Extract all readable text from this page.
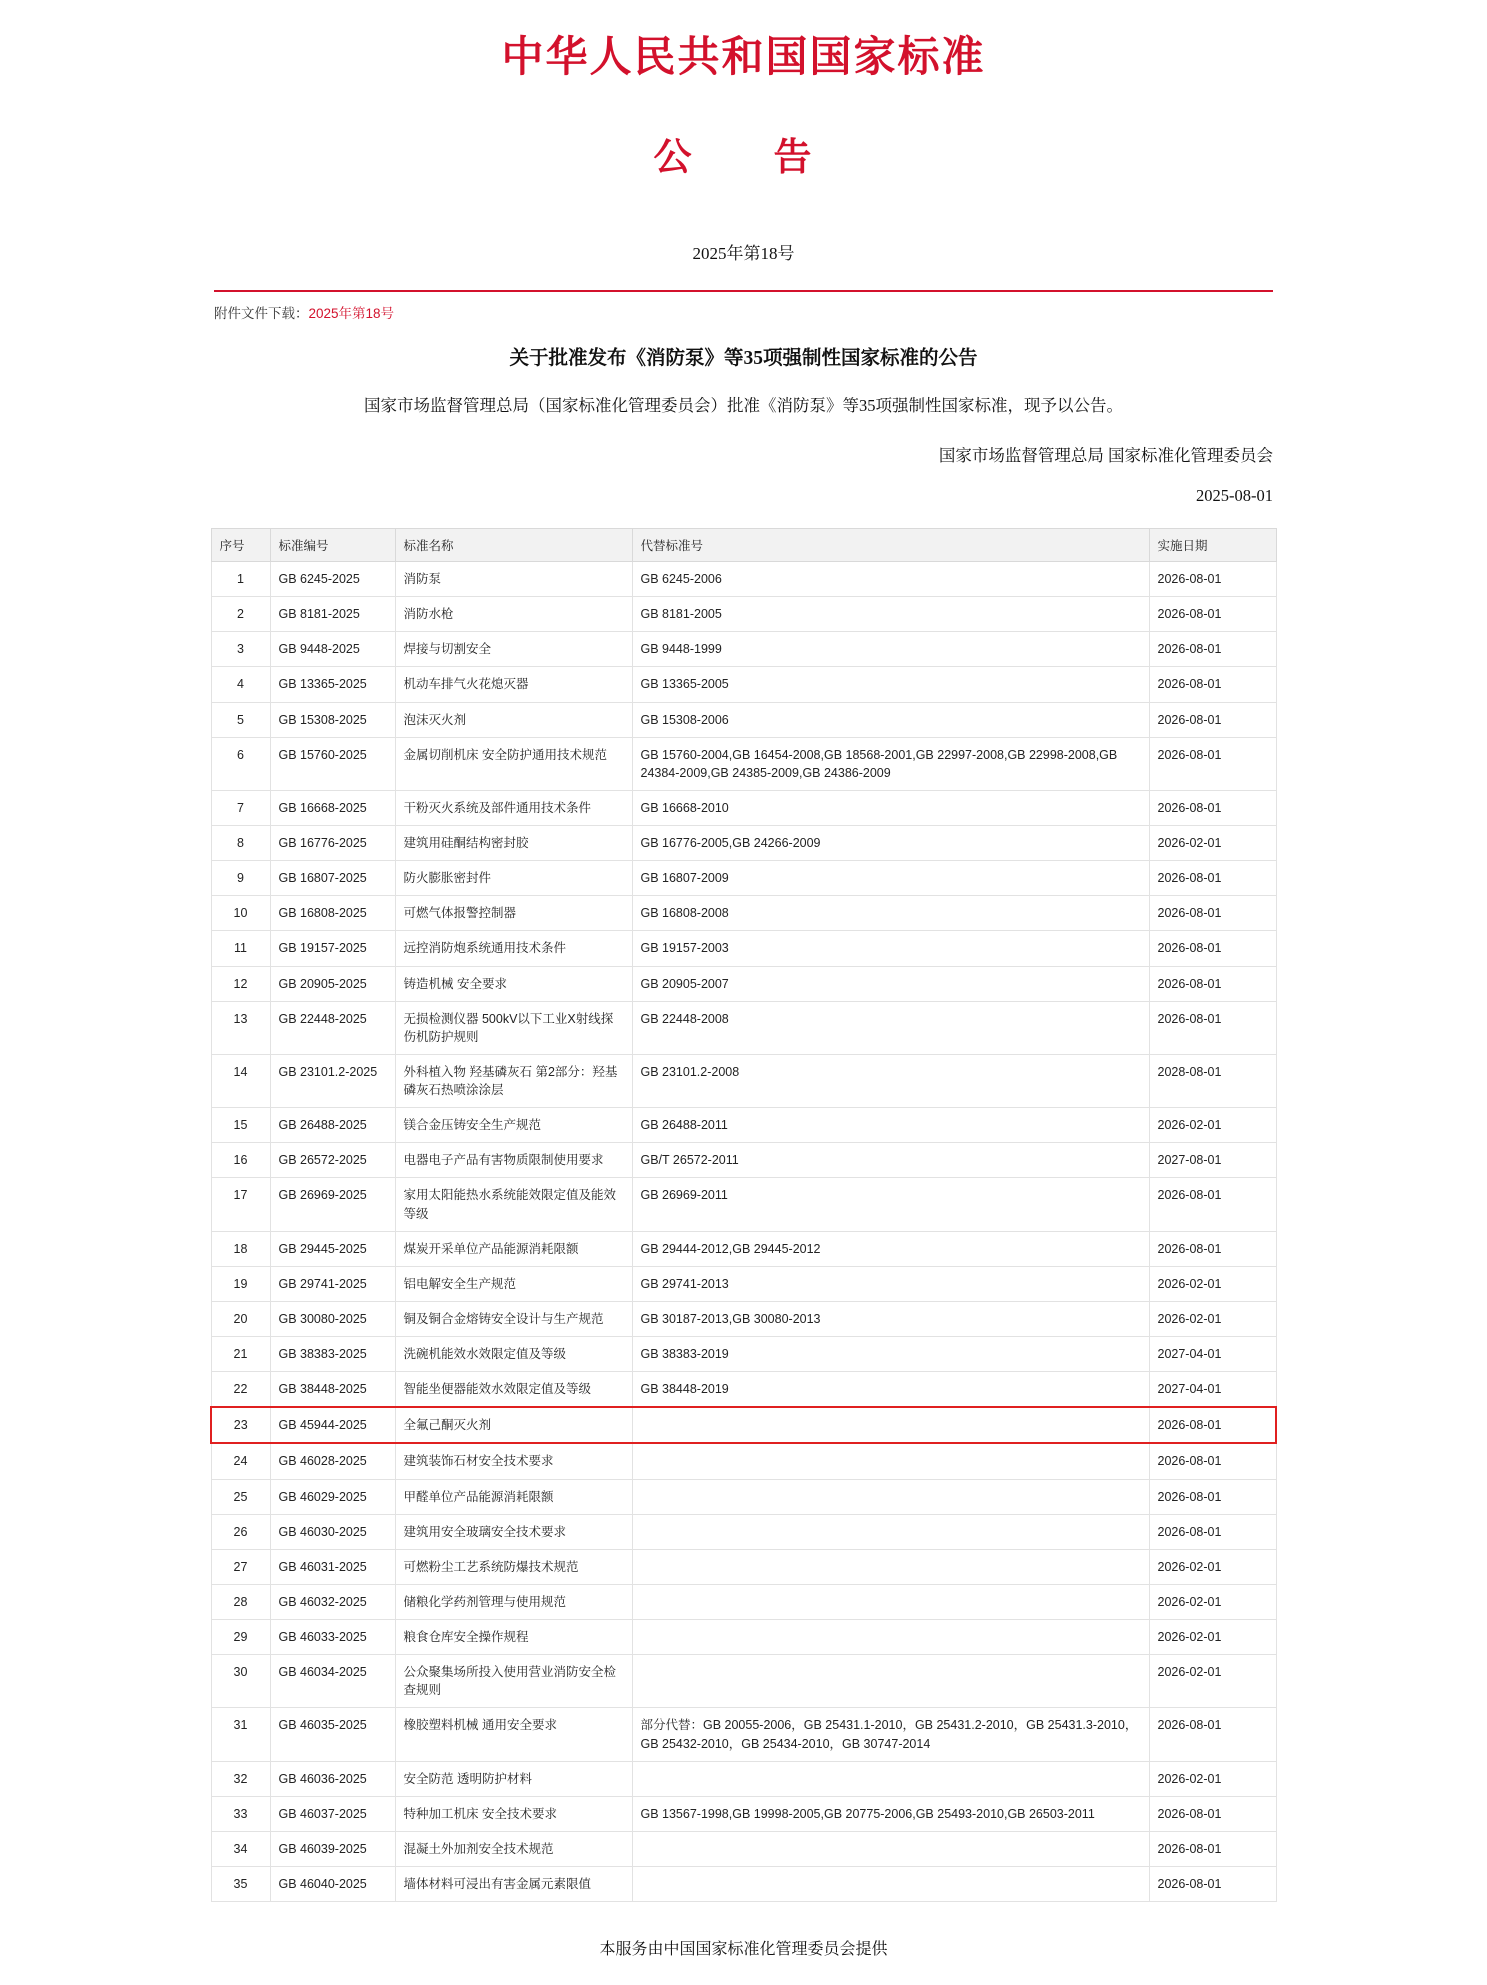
中华人民共和国国家标准
公　告
2025年第18号
附件文件下载：2025年第18号
关于批准发布《消防泵》等35项强制性国家标准的公告
国家市场监督管理总局（国家标准化管理委员会）批准《消防泵》等35项强制性国家标准，现予以公告。
国家市场监督管理总局 国家标准化管理委员会
2025-08-01
序号	标准编号	标准名称	代替标准号	实施日期
1	GB 6245-2025	消防泵	GB 6245-2006	2026-08-01
2	GB 8181-2025	消防水枪	GB 8181-2005	2026-08-01
3	GB 9448-2025	焊接与切割安全	GB 9448-1999	2026-08-01
4	GB 13365-2025	机动车排气火花熄灭器	GB 13365-2005	2026-08-01
5	GB 15308-2025	泡沫灭火剂	GB 15308-2006	2026-08-01
6	GB 15760-2025	金属切削机床 安全防护通用技术规范	GB 15760-2004,GB 16454-2008,GB 18568-2001,GB 22997-2008,GB 22998-2008,GB 24384-2009,GB 24385-2009,GB 24386-2009	2026-08-01
7	GB 16668-2025	干粉灭火系统及部件通用技术条件	GB 16668-2010	2026-08-01
8	GB 16776-2025	建筑用硅酮结构密封胶	GB 16776-2005,GB 24266-2009	2026-02-01
9	GB 16807-2025	防火膨胀密封件	GB 16807-2009	2026-08-01
10	GB 16808-2025	可燃气体报警控制器	GB 16808-2008	2026-08-01
11	GB 19157-2025	远控消防炮系统通用技术条件	GB 19157-2003	2026-08-01
12	GB 20905-2025	铸造机械 安全要求	GB 20905-2007	2026-08-01
13	GB 22448-2025	无损检测仪器 500kV以下工业X射线探伤机防护规则	GB 22448-2008	2026-08-01
14	GB 23101.2-2025	外科植入物 羟基磷灰石 第2部分：羟基磷灰石热喷涂涂层	GB 23101.2-2008	2028-08-01
15	GB 26488-2025	镁合金压铸安全生产规范	GB 26488-2011	2026-02-01
16	GB 26572-2025	电器电子产品有害物质限制使用要求	GB/T 26572-2011	2027-08-01
17	GB 26969-2025	家用太阳能热水系统能效限定值及能效等级	GB 26969-2011	2026-08-01
18	GB 29445-2025	煤炭开采单位产品能源消耗限额	GB 29444-2012,GB 29445-2012	2026-08-01
19	GB 29741-2025	铝电解安全生产规范	GB 29741-2013	2026-02-01
20	GB 30080-2025	铜及铜合金熔铸安全设计与生产规范	GB 30187-2013,GB 30080-2013	2026-02-01
21	GB 38383-2025	洗碗机能效水效限定值及等级	GB 38383-2019	2027-04-01
22	GB 38448-2025	智能坐便器能效水效限定值及等级	GB 38448-2019	2027-04-01
23	GB 45944-2025	全氟己酮灭火剂		2026-08-01
24	GB 46028-2025	建筑装饰石材安全技术要求		2026-08-01
25	GB 46029-2025	甲醛单位产品能源消耗限额		2026-08-01
26	GB 46030-2025	建筑用安全玻璃安全技术要求		2026-08-01
27	GB 46031-2025	可燃粉尘工艺系统防爆技术规范		2026-02-01
28	GB 46032-2025	储粮化学药剂管理与使用规范		2026-02-01
29	GB 46033-2025	粮食仓库安全操作规程		2026-02-01
30	GB 46034-2025	公众聚集场所投入使用营业消防安全检查规则		2026-02-01
31	GB 46035-2025	橡胶塑料机械 通用安全要求	部分代替：GB 20055-2006，GB 25431.1-2010，GB 25431.2-2010，GB 25431.3-2010，GB 25432-2010，GB 25434-2010，GB 30747-2014	2026-08-01
32	GB 46036-2025	安全防范 透明防护材料		2026-02-01
33	GB 46037-2025	特种加工机床 安全技术要求	GB 13567-1998,GB 19998-2005,GB 20775-2006,GB 25493-2010,GB 26503-2011	2026-08-01
34	GB 46039-2025	混凝土外加剂安全技术规范		2026-08-01
35	GB 46040-2025	墙体材料可浸出有害金属元素限值		2026-08-01
本服务由中国国家标准化管理委员会提供
